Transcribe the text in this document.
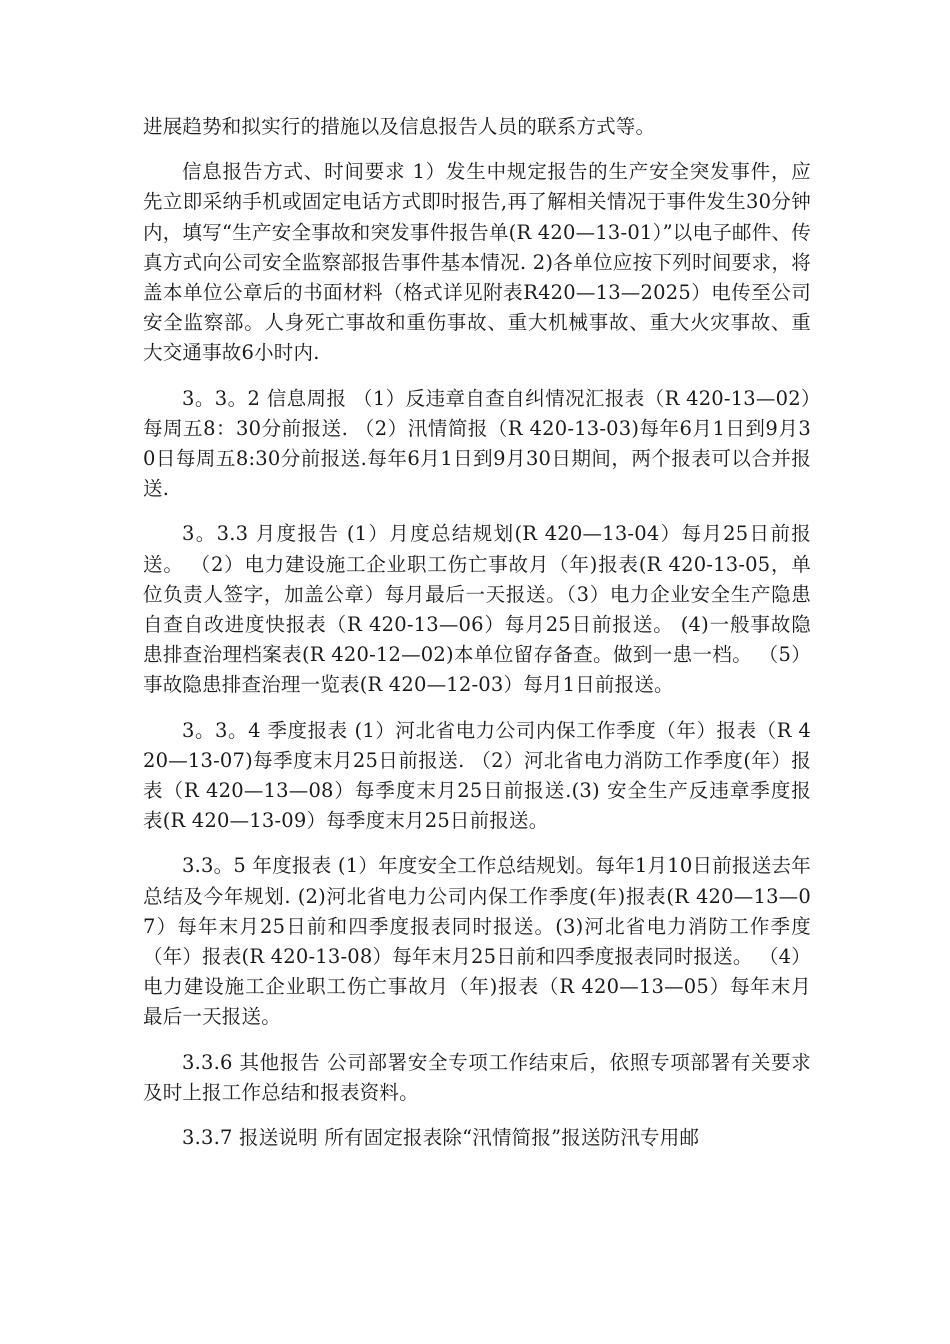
进展趋势和拟实行的措施以及信息报告人员的联系方式等。

信息报告方式、时间要求 1）发生中规定报告的生产安全突发事件，应先立即采纳手机或固定电话方式即时报告,再了解相关情况于事件发生30分钟内，填写“生产安全事故和突发事件报告单(R 420—13-01）”以电子邮件、传真方式向公司安全监察部报告事件基本情况. 2)各单位应按下列时间要求，将盖本单位公章后的书面材料（格式详见附表R420—13—2025）电传至公司安全监察部。人身死亡事故和重伤事故、重大机械事故、重大火灾事故、重大交通事故6小时内.

3。3。2 信息周报 （1）反违章自查自纠情况汇报表（R 420-13—02）每周五8：30分前报送. （2）汛情简报（R 420-13-03)每年6月1日到9月30日每周五8:30分前报送.每年6月1日到9月30日期间，两个报表可以合并报送.

3。3.3 月度报告 (1）月度总结规划(R 420—13-04）每月25日前报送。 （2）电力建设施工企业职工伤亡事故月（年)报表(R 420-13-05，单位负责人签字，加盖公章）每月最后一天报送。（3）电力企业安全生产隐患自查自改进度快报表（R 420-13—06）每月25日前报送。 (4)一般事故隐患排查治理档案表(R 420-12—02)本单位留存备查。做到一患一档。 （5）事故隐患排查治理一览表(R 420—12-03）每月1日前报送。

3。3。4 季度报表 (1）河北省电力公司内保工作季度（年）报表（R 420—13-07)每季度末月25日前报送. （2）河北省电力消防工作季度(年）报表（R 420—13—08）每季度末月25日前报送.(3) 安全生产反违章季度报表(R 420—13-09）每季度末月25日前报送。

3.3。5 年度报表 (1）年度安全工作总结规划。每年1月10日前报送去年总结及今年规划. (2)河北省电力公司内保工作季度(年)报表(R 420—13—07）每年末月25日前和四季度报表同时报送。(3)河北省电力消防工作季度（年）报表(R 420-13-08）每年末月25日前和四季度报表同时报送。 （4）电力建设施工企业职工伤亡事故月（年)报表（R 420—13—05）每年末月最后一天报送。

3.3.6 其他报告 公司部署安全专项工作结束后，依照专项部署有关要求及时上报工作总结和报表资料。

3.3.7 报送说明 所有固定报表除“汛情简报”报送防汛专用邮
